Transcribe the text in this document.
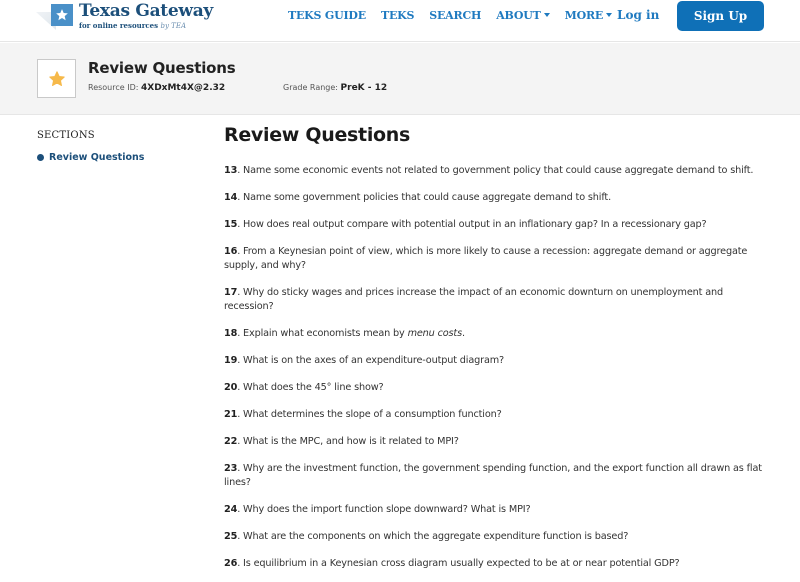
Texas Gateway
for online resources by TEA
TEKS GUIDE TEKS SEARCH ABOUT	MORE	Log in	Sign Up
Review Questions
Resource ID: 4XDxMt4X@2.32	Grade Range: PreK - 12
SECTIONS
Review Questions
Review Questions
13. Name some economic events not related to government policy that could cause aggregate demand to shift.
14. Name some government policies that could cause aggregate demand to shift.
15. How does real output compare with potential output in an inflationary gap? In a recessionary gap?
16. From a Keynesian point of view, which is more likely to cause a recession: aggregate demand or aggregate supply, and why?
17. Why do sticky wages and prices increase the impact of an economic downturn on unemployment and recession?
18. Explain what economists mean by menu costs.
19. What is on the axes of an expenditure-output diagram?
20. What does the 45° line show?
21. What determines the slope of a consumption function?
22. What is the MPC, and how is it related to MPI?
23. Why are the investment function, the government spending function, and the export function all drawn as flat lines?
24. Why does the import function slope downward? What is MPI?
25. What are the components on which the aggregate expenditure function is based?
26. Is equilibrium in a Keynesian cross diagram usually expected to be at or near potential GDP?
